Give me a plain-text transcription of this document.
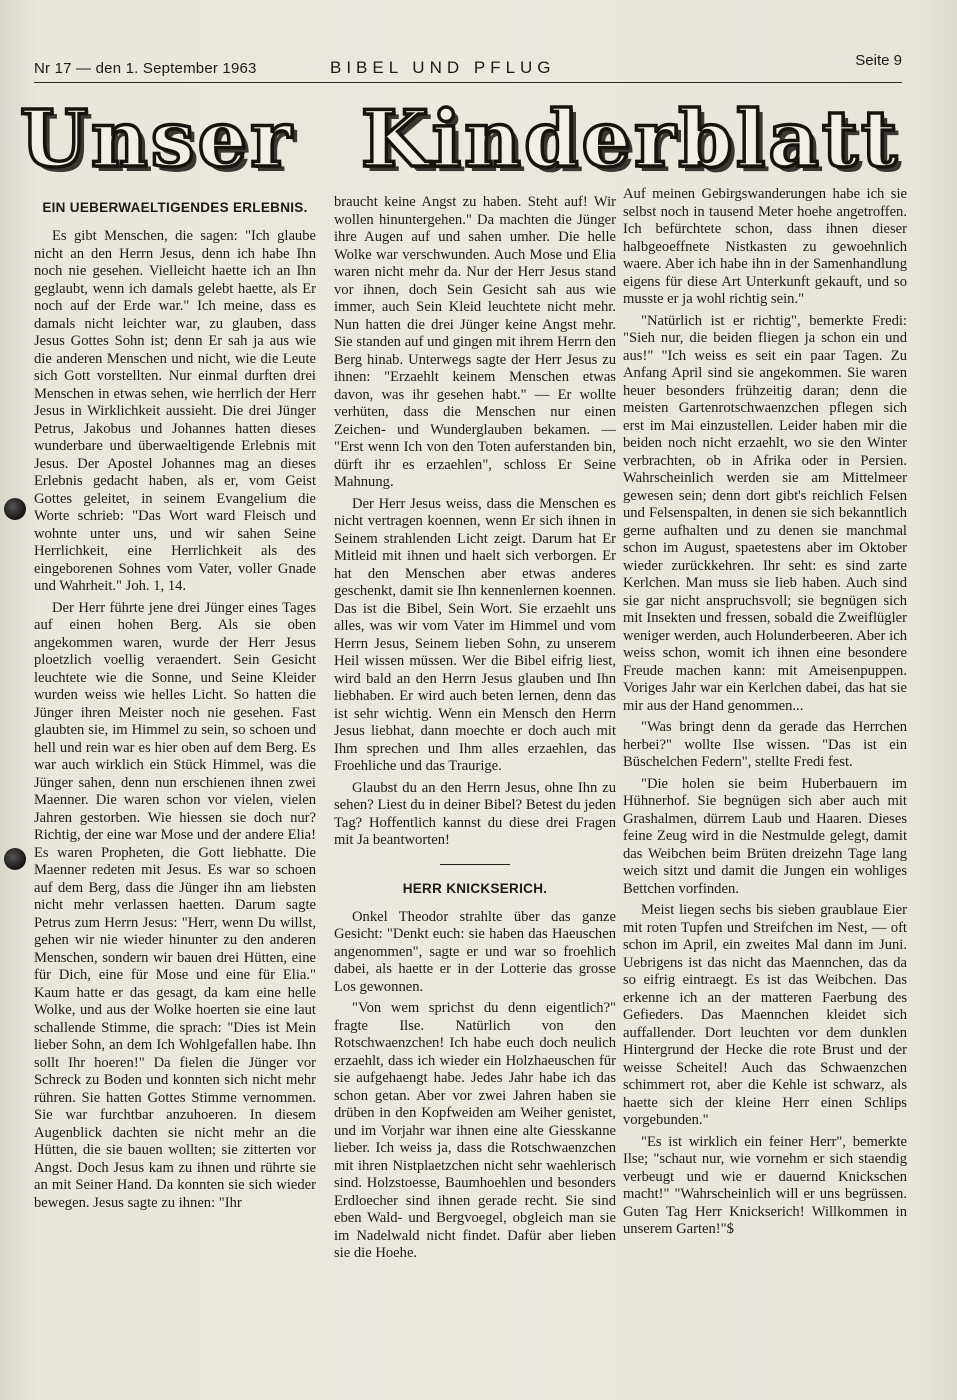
Nr 17 — den 1. September 1963	BIBEL UND PFLUG	Seite 9
Unser Kinderblatt
EIN UEBERWAELTIGENDES ERLEBNIS.

Es gibt Menschen, die sagen: "Ich glaube nicht an den Herrn Jesus, denn ich habe Ihn noch nie gesehen. Vielleicht haette ich an Ihn geglaubt, wenn ich damals gelebt haette, als Er noch auf der Erde war." Ich meine, dass es damals nicht leichter war, zu glauben, dass Jesus Gottes Sohn ist; denn Er sah ja aus wie die anderen Menschen und nicht, wie die Leute sich Gott vorstellten. Nur einmal durften drei Menschen in etwas sehen, wie herrlich der Herr Jesus in Wirklichkeit aussieht. Die drei Jünger Petrus, Jakobus und Johannes hatten dieses wunderbare und überwaeltigende Erlebnis mit Jesus. Der Apostel Johannes mag an dieses Erlebnis gedacht haben, als er, vom Geist Gottes geleitet, in seinem Evangelium die Worte schrieb: "Das Wort ward Fleisch und wohnte unter uns, und wir sahen Seine Herrlichkeit, eine Herrlichkeit als des eingeborenen Sohnes vom Vater, voller Gnade und Wahrheit." Joh. 1, 14.

Der Herr führte jene drei Jünger eines Tages auf einen hohen Berg. Als sie oben angekommen waren, wurde der Herr Jesus ploetzlich voellig veraendert. Sein Gesicht leuchtete wie die Sonne, und Seine Kleider wurden weiss wie helles Licht. So hatten die Jünger ihren Meister noch nie gesehen. Fast glaubten sie, im Himmel zu sein, so schoen und hell und rein war es hier oben auf dem Berg. Es war auch wirklich ein Stück Himmel, was die Jünger sahen, denn nun erschienen ihnen zwei Maenner. Die waren schon vor vielen, vielen Jahren gestorben. Wie hiessen sie doch nur? Richtig, der eine war Mose und der andere Elia! Es waren Propheten, die Gott liebhatte. Die Maenner redeten mit Jesus. Es war so schoen auf dem Berg, dass die Jünger ihn am liebsten nicht mehr verlassen haetten. Darum sagte Petrus zum Herrn Jesus: "Herr, wenn Du willst, gehen wir nie wieder hinunter zu den anderen Menschen, sondern wir bauen drei Hütten, eine für Dich, eine für Mose und eine für Elia." Kaum hatte er das gesagt, da kam eine helle Wolke, und aus der Wolke hoerten sie eine laut schallende Stimme, die sprach: "Dies ist Mein lieber Sohn, an dem Ich Wohlgefallen habe. Ihn sollt Ihr hoeren!" Da fielen die Jünger vor Schreck zu Boden und konnten sich nicht mehr rühren. Sie hatten Gottes Stimme vernommen. Sie war furchtbar anzuhoeren. In diesem Augenblick dachten sie nicht mehr an die Hütten, die sie bauen wollten; sie zitterten vor Angst. Doch Jesus kam zu ihnen und rührte sie an mit Seiner Hand. Da konnten sie sich wieder bewegen. Jesus sagte zu ihnen: "Ihr

braucht keine Angst zu haben. Steht auf! Wir wollen hinuntergehen." Da machten die Jünger ihre Augen auf und sahen umher. Die helle Wolke war verschwunden. Auch Mose und Elia waren nicht mehr da. Nur der Herr Jesus stand vor ihnen, doch Sein Gesicht sah aus wie immer, auch Sein Kleid leuchtete nicht mehr. Nun hatten die drei Jünger keine Angst mehr. Sie standen auf und gingen mit ihrem Herrn den Berg hinab. Unterwegs sagte der Herr Jesus zu ihnen: "Erzaehlt keinem Menschen etwas davon, was ihr gesehen habt." — Er wollte verhüten, dass die Menschen nur einen Zeichen- und Wunderglauben bekamen. — "Erst wenn Ich von den Toten auferstanden bin, dürft ihr es erzaehlen", schloss Er Seine Mahnung.

Der Herr Jesus weiss, dass die Menschen es nicht vertragen koennen, wenn Er sich ihnen in Seinem strahlenden Licht zeigt. Darum hat Er Mitleid mit ihnen und haelt sich verborgen. Er hat den Menschen aber etwas anderes geschenkt, damit sie Ihn kennenlernen koennen. Das ist die Bibel, Sein Wort. Sie erzaehlt uns alles, was wir vom Vater im Himmel und vom Herrn Jesus, Seinem lieben Sohn, zu unserem Heil wissen müssen. Wer die Bibel eifrig liest, wird bald an den Herrn Jesus glauben und Ihn liebhaben. Er wird auch beten lernen, denn das ist sehr wichtig. Wenn ein Mensch den Herrn Jesus liebhat, dann moechte er doch auch mit Ihm sprechen und Ihm alles erzaehlen, das Froehliche und das Traurige.

Glaubst du an den Herrn Jesus, ohne Ihn zu sehen? Liest du in deiner Bibel? Betest du jeden Tag? Hoffentlich kannst du diese drei Fragen mit Ja beantworten!

HERR KNICKSERICH.

Onkel Theodor strahlte über das ganze Gesicht: "Denkt euch: sie haben das Haeuschen angenommen", sagte er und war so froehlich dabei, als haette er in der Lotterie das grosse Los gewonnen.

"Von wem sprichst du denn eigentlich?" fragte Ilse. Natürlich von den Rotschwaenzchen! Ich habe euch doch neulich erzaehlt, dass ich wieder ein Holzhaeuschen für sie aufgehaengt habe. Jedes Jahr habe ich das schon getan. Aber vor zwei Jahren haben sie drüben in den Kopfweiden am Weiher genistet, und im Vorjahr war ihnen eine alte Giesskanne lieber. Ich weiss ja, dass die Rotschwaenzchen mit ihren Nistplaetzchen nicht sehr waehlerisch sind. Holzstoesse, Baumhoehlen und besonders Erdloecher sind ihnen gerade recht. Sie sind eben Wald- und Bergvoegel, obgleich man sie im Nadelwald nicht findet. Dafür aber lieben sie die Hoehe.

Auf meinen Gebirgswanderungen habe ich sie selbst noch in tausend Meter hoehe angetroffen. Ich befürchtete schon, dass ihnen dieser halbgeoeffnete Nistkasten zu gewoehnlich waere. Aber ich habe ihn in der Samenhandlung eigens für diese Art Unterkunft gekauft, und so musste er ja wohl richtig sein."

"Natürlich ist er richtig", bemerkte Fredi: "Sieh nur, die beiden fliegen ja schon ein und aus!" "Ich weiss es seit ein paar Tagen. Zu Anfang April sind sie angekommen. Sie waren heuer besonders frühzeitig daran; denn die meisten Gartenrotschwaenzchen pflegen sich erst im Mai einzustellen. Leider haben mir die beiden noch nicht erzaehlt, wo sie den Winter verbrachten, ob in Afrika oder in Persien. Wahrscheinlich werden sie am Mittelmeer gewesen sein; denn dort gibt's reichlich Felsen und Felsenspalten, in denen sie sich bekanntlich gerne aufhalten und zu denen sie manchmal schon im August, spaetestens aber im Oktober wieder zurückkehren. Ihr seht: es sind zarte Kerlchen. Man muss sie lieb haben. Auch sind sie gar nicht anspruchsvoll; sie begnügen sich mit Insekten und fressen, sobald die Zweiflügler weniger werden, auch Holunderbeeren. Aber ich weiss schon, womit ich ihnen eine besondere Freude machen kann: mit Ameisenpuppen. Voriges Jahr war ein Kerlchen dabei, das hat sie mir aus der Hand genommen...

"Was bringt denn da gerade das Herrchen herbei?" wollte Ilse wissen. "Das ist ein Büschelchen Federn", stellte Fredi fest.

"Die holen sie beim Huberbauern im Hühnerhof. Sie begnügen sich aber auch mit Grashalmen, dürrem Laub und Haaren. Dieses feine Zeug wird in die Nestmulde gelegt, damit das Weibchen beim Brüten dreizehn Tage lang weich sitzt und damit die Jungen ein wohliges Bettchen vorfinden.

Meist liegen sechs bis sieben graublaue Eier mit roten Tupfen und Streifchen im Nest, — oft schon im April, ein zweites Mal dann im Juni. Uebrigens ist das nicht das Maennchen, das da so eifrig eintraegt. Es ist das Weibchen. Das erkenne ich an der matteren Faerbung des Gefieders. Das Maennchen kleidet sich auffallender. Dort leuchten vor dem dunklen Hintergrund der Hecke die rote Brust und der weisse Scheitel! Auch das Schwaenzchen schimmert rot, aber die Kehle ist schwarz, als haette sich der kleine Herr einen Schlips vorgebunden."

"Es ist wirklich ein feiner Herr", bemerkte Ilse; "schaut nur, wie vornehm er sich staendig verbeugt und wie er dauernd Knickschen macht!" "Wahrscheinlich will er uns begrüssen. Guten Tag Herr Knickserich! Willkommen in unserem Garten!"$
